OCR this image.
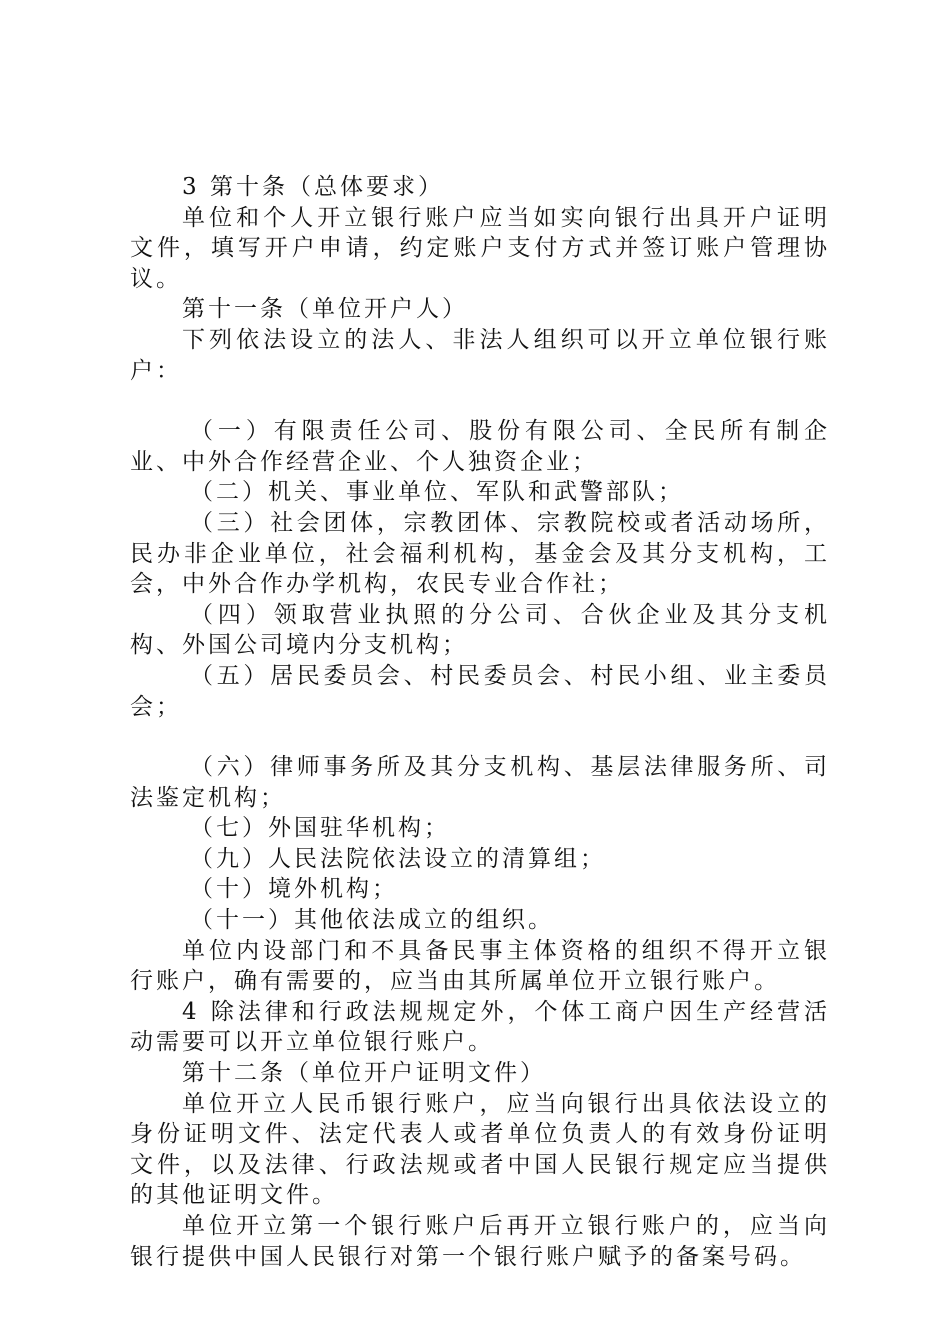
3 第十条（总体要求）

单位和个人开立银行账户应当如实向银行出具开户证明文件，填写开户申请，约定账户支付方式并签订账户管理协议。

第十一条（单位开户人）

下列依法设立的法人、非法人组织可以开立单位银行账户：

（一）有限责任公司、股份有限公司、全民所有制企业、中外合作经营企业、个人独资企业；

（二）机关、事业单位、军队和武警部队；

（三）社会团体，宗教团体、宗教院校或者活动场所，民办非企业单位，社会福利机构，基金会及其分支机构，工会，中外合作办学机构，农民专业合作社；

（四）领取营业执照的分公司、合伙企业及其分支机构、外国公司境内分支机构；

（五）居民委员会、村民委员会、村民小组、业主委员会；

（六）律师事务所及其分支机构、基层法律服务所、司法鉴定机构；

（七）外国驻华机构；

（九）人民法院依法设立的清算组；

（十）境外机构；

（十一）其他依法成立的组织。

单位内设部门和不具备民事主体资格的组织不得开立银行账户，确有需要的，应当由其所属单位开立银行账户。

4 除法律和行政法规规定外，个体工商户因生产经营活动需要可以开立单位银行账户。

第十二条（单位开户证明文件）

单位开立人民币银行账户，应当向银行出具依法设立的身份证明文件、法定代表人或者单位负责人的有效身份证明文件，以及法律、行政法规或者中国人民银行规定应当提供的其他证明文件。

单位开立第一个银行账户后再开立银行账户的，应当向银行提供中国人民银行对第一个银行账户赋予的备案号码。
